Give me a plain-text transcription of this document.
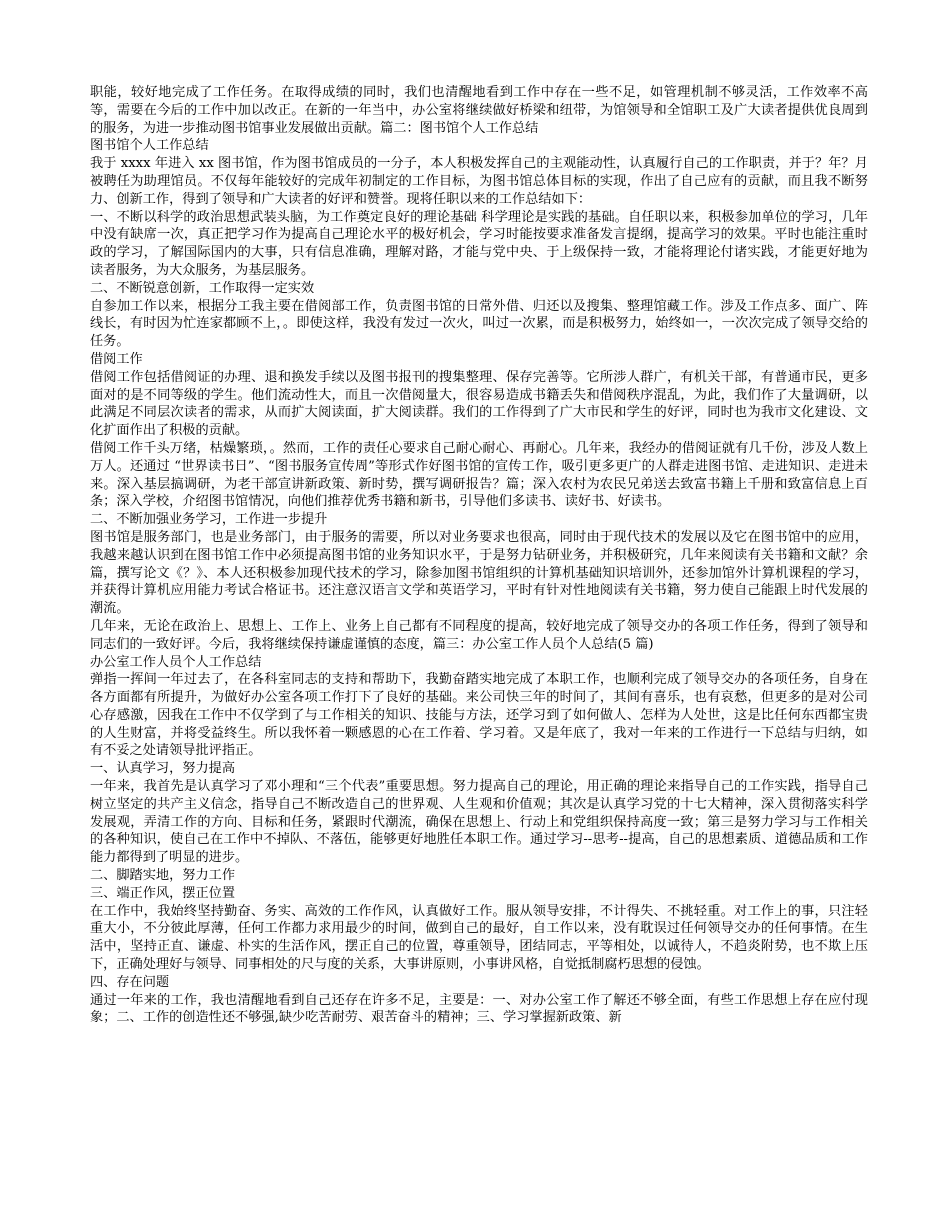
职能，较好地完成了工作任务。在取得成绩的同时，我们也清醒地看到工作中存在一些不足，如管理机制不够灵活，工作效率不高等，需要在今后的工作中加以改正。在新的一年当中，办公室将继续做好桥梁和纽带，为馆领导和全馆职工及广大读者提供优良周到的服务，为进一步推动图书馆事业发展做出贡献。篇二：图书馆个人工作总结

图书馆个人工作总结

我于 xxxx 年进入 xx 图书馆，作为图书馆成员的一分子，本人积极发挥自己的主观能动性，认真履行自己的工作职责，并于？年？月被聘任为助理馆员。不仅每年能较好的完成年初制定的工作目标，为图书馆总体目标的实现，作出了自己应有的贡献，而且我不断努力、创新工作，得到了领导和广大读者的好评和赞誉。现将任职以来的工作总结如下：

一、不断以科学的政治思想武装头脑，为工作奠定良好的理论基础 科学理论是实践的基础。自任职以来，积极参加单位的学习，几年中没有缺席一次，真正把学习作为提高自己理论水平的极好机会，学习时能按要求准备发言提纲，提高学习的效果。平时也能注重时政的学习，了解国际国内的大事，只有信息准确，理解对路，才能与党中央、于上级保持一致，才能将理论付诸实践，才能更好地为读者服务，为大众服务，为基层服务。

二、不断锐意创新，工作取得一定实效

自参加工作以来，根据分工我主要在借阅部工作，负责图书馆的日常外借、归还以及搜集、整理馆藏工作。涉及工作点多、面广、阵线长，有时因为忙连家都顾不上，。即使这样，我没有发过一次火，叫过一次累，而是积极努力，始终如一，一次次完成了领导交给的任务。

借阅工作

借阅工作包括借阅证的办理、退和换发手续以及图书报刊的搜集整理、保存完善等。它所涉人群广，有机关干部，有普通市民，更多面对的是不同等级的学生。他们流动性大，而且一次借阅量大，很容易造成书籍丢失和借阅秩序混乱，为此，我们作了大量调研，以此满足不同层次读者的需求，从而扩大阅读面，扩大阅读群。我们的工作得到了广大市民和学生的好评，同时也为我市文化建设、文化扩面作出了积极的贡献。

借阅工作千头万绪，枯燥繁琐，。然而，工作的责任心要求自己耐心耐心、再耐心。几年来，我经办的借阅证就有几千份，涉及人数上万人。还通过 “世界读书日”、“图书服务宣传周”等形式作好图书馆的宣传工作，吸引更多更广的人群走进图书馆、走进知识、走进未来。深入基层搞调研，为老干部宣讲新政策、新时势，撰写调研报告？篇；深入农村为农民兄弟送去致富书籍上千册和致富信息上百条；深入学校，介绍图书馆情况，向他们推荐优秀书籍和新书，引导他们多读书、读好书、好读书。

二、不断加强业务学习，工作进一步提升

图书馆是服务部门，也是业务部门，由于服务的需要，所以对业务要求也很高，同时由于现代技术的发展以及它在图书馆中的应用，我越来越认识到在图书馆工作中必须提高图书馆的业务知识水平，于是努力钻研业务，并积极研究，几年来阅读有关书籍和文献？余篇，撰写论文《？》、本人还积极参加现代技术的学习，除参加图书馆组织的计算机基础知识培训外，还参加馆外计算机课程的学习，并获得计算机应用能力考试合格证书。还注意汉语言文学和英语学习，平时有针对性地阅读有关书籍，努力使自己能跟上时代发展的潮流。

几年来，无论在政治上、思想上、工作上、业务上自己都有不同程度的提高，较好地完成了领导交办的各项工作任务，得到了领导和同志们的一致好评。今后，我将继续保持谦虚谨慎的态度，篇三：办公室工作人员个人总结(5 篇)

办公室工作人员个人工作总结

弹指一挥间一年过去了，在各科室同志的支持和帮助下，我勤奋踏实地完成了本职工作，也顺利完成了领导交办的各项任务，自身在各方面都有所提升，为做好办公室各项工作打下了良好的基础。来公司快三年的时间了，其间有喜乐，也有哀愁，但更多的是对公司心存感激，因我在工作中不仅学到了与工作相关的知识、技能与方法，还学习到了如何做人、怎样为人处世，这是比任何东西都宝贵的人生财富，并将受益终生。所以我怀着一颗感恩的心在工作着、学习着。又是年底了，我对一年来的工作进行一下总结与归纳，如有不妥之处请领导批评指正。

一、认真学习，努力提高

一年来，我首先是认真学习了邓小理和“三个代表”重要思想。努力提高自己的理论，用正确的理论来指导自己的工作实践，指导自己树立坚定的共产主义信念，指导自己不断改造自己的世界观、人生观和价值观；其次是认真学习党的十七大精神，深入贯彻落实科学发展观，弄清工作的方向、目标和任务，紧跟时代潮流，确保在思想上、行动上和党组织保持高度一致；第三是努力学习与工作相关的各种知识，使自己在工作中不掉队、不落伍，能够更好地胜任本职工作。通过学习--思考--提高，自己的思想素质、道德品质和工作能力都得到了明显的进步。

二、脚踏实地，努力工作

三、端正作风，摆正位置

在工作中，我始终坚持勤奋、务实、高效的工作作风，认真做好工作。服从领导安排，不计得失、不挑轻重。对工作上的事，只注轻重大小，不分彼此厚薄，任何工作都力求用最少的时间，做到自己的最好，自工作以来，没有耽误过任何领导交办的任何事情。在生活中，坚持正直、谦虚、朴实的生活作风，摆正自己的位置，尊重领导，团结同志，平等相处，以诚待人，不趋炎附势，也不欺上压下，正确处理好与领导、同事相处的尺与度的关系，大事讲原则，小事讲风格，自觉抵制腐朽思想的侵蚀。

四、存在问题

通过一年来的工作，我也清醒地看到自己还存在许多不足，主要是：一、对办公室工作了解还不够全面，有些工作思想上存在应付现象；二、工作的创造性还不够强,缺少吃苦耐劳、艰苦奋斗的精神；三、学习掌握新政策、新
